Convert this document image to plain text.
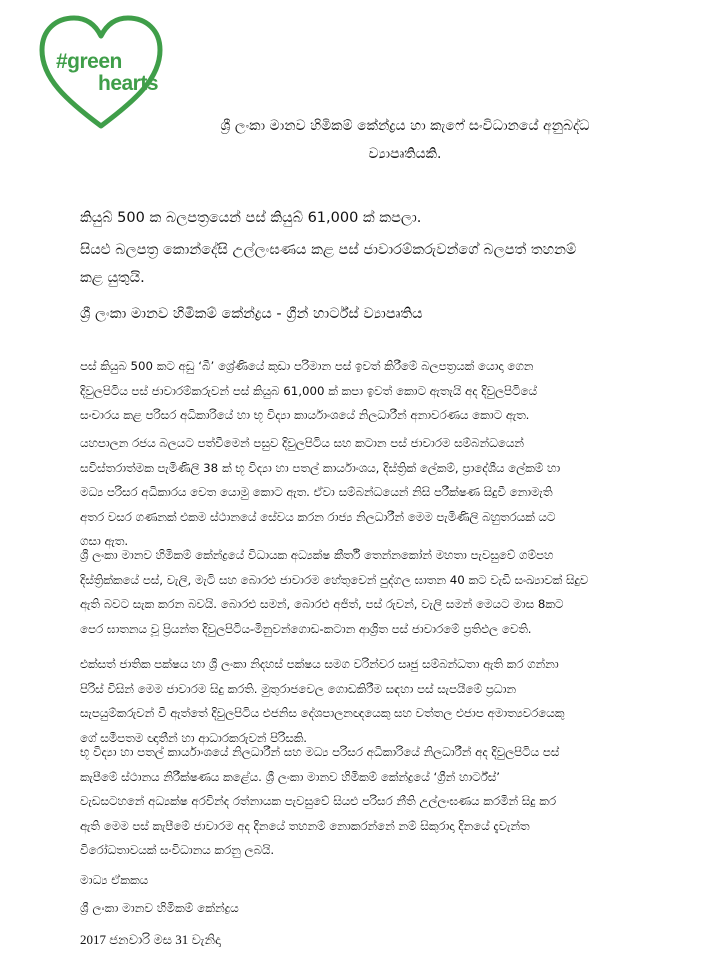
#green
hearts
ශ්‍රී ලංකා මානව හිමිකම් කේන්ද්‍රය හා කැෆේ සංවිධානයේ අනුබද්ධ
ව්‍යාපෘතියකි.
කියුබ් 500 ක බලපත්‍රයෙන් පස් කියුබ් 61,000 ක් කපලා.
සියළු බලපත්‍ර කොන්දේසි උල්ලංඝණය කළ පස් ජාවාරම්කරුවන්ගේ බලපත් තහනම්
කළ යුතුයි.
ශ්‍රී ලංකා මානව හිමිකම් කේන්ද්‍රය - ග්‍රීන් හාර්ට්ස් ව්‍යාපෘතිය
පස් කියුබ 500 කට අඩු ‘බී’ ශ්‍රේණියේ කුඩා පරිමාන පස් ඉවත් කිරීමේ බලපත්‍රයක් යොදා ගෙන
දිවුලපිටිය පස් ජාවාරම්කරුවන් පස් කියුබ 61,000 ක් කපා ඉවත් කොට ඇතැයි අද දිවුලපිටියේ
සංචාරය කළ පරිසර අධිකාරියේ හා භූ විද්‍යා කාර්යාංශයේ නිලධාරීන් අනාවරණය කොට ඇත.
යහපාලන රජය බලයට පත්වීමෙන් පසුව දිවුලපිටිය සහ කටාන පස් ජාවාරම සම්බන්ධයෙන්
සවිස්තරාත්මක පැමිණිලි 38 ක් භූ විද්‍යා හා පතල් කාර්යාංශය, දිස්ත්‍රික් ලේකම්, ප්‍රාදේශීය ලේකම් හා
මධ්‍ය පරිසර අධිකාරය වෙත යොමු කොට ඇත. ඒවා සම්බන්ධයෙන් නිසි පරීක්ෂණ සිදුවී නොමැති
අතර වසර ගණනක් එකම ස්ථානයේ සේවය කරන රාජ්‍ය නිලධාරීන් මෙම පැමිණිලි බහුතරයක් යට
ගසා ඇත.
ශ්‍රී ලංකා මානව හිමිකම් කේන්ද්‍රයේ විධායක අධ්‍යක්ෂ කීර්ති තෙන්නකෝන් මහතා පැවසුවේ ගම්පහ
දිස්ත්‍රික්කයේ පස්, වැලි, මැටි සහ බොරළු ජාවාරම හේතුවෙන් පුද්ගල ඝාතන 40 කට වැඩි සංඛ්‍යාවක් සිදුව
ඇති බවට සැක කරන බවයි. බොරළු සමන්, බොරළු අජිත්, පස් රුවන්, වැලි සමන් මෙයට මාස 8කට
පෙර ඝාතනය වූ ප්‍රියන්ත දිවුලපිටිය-මිනුවන්ගොඩ-කටාන ආශ්‍රිත පස් ජාවාරමේ ප්‍රතිඵල වෙති.
එක්සත් ජාතික පක්ෂය හා ශ්‍රී ලංකා නිදහස් පක්ෂය සමග වරින්වර සෘජු සම්බන්ධතා ඇති කර ගන්නා
පිරිස් විසින් මෙම ජාවාරම සිදු කරති. මුතුරාජවෙල ගොඩකිරීම සඳහා පස් සැපයීමේ ප්‍රධාන
සැපයුම්කරුවන් වී ඇත්තේ දිවුලපිටිය එජනිස දේශපාලනඥයෙකු සහ වත්තල එජාප අමාත්‍යවරයෙකු
ගේ සමීපතම ඥාතීන් හා ආධාරකරුවන් පිරිසකි.
භූ විද්‍යා හා පතල් කාර්යාංශයේ නිලධාරීන් සහ මධ්‍ය පරිසර අධිකාරියේ නිලධාරීන් අද දිවුලපිටිය පස්
කැපීමේ ස්ථානය නිරීක්ෂණය කළේය. ශ්‍රී ලංකා මානව හිමිකම් කේන්ද්‍රයේ ‘ග්‍රීන් හාර්ට්ස්’
වැඩසටහනේ අධ්‍යක්ෂ අරවින්ද රත්නායක පැවසුවේ සියළු පරිසර නීති උල්ලංඝණය කරමින් සිදු කර
ඇති මෙම පස් කැපීමේ ජාවාරම අද දිනයේ තහනම් නොකරන්නේ නම් සිකුරාදා දිනයේ දැවැන්ත
විරෝධතාවයක් සංවිධානය කරනු ලබයි.
මාධ්‍ය ඒකකය
ශ්‍රී ලංකා මානව හිමිකම් කේන්ද්‍රය
2017 ජනවාරි මස 31 වැනිදා
